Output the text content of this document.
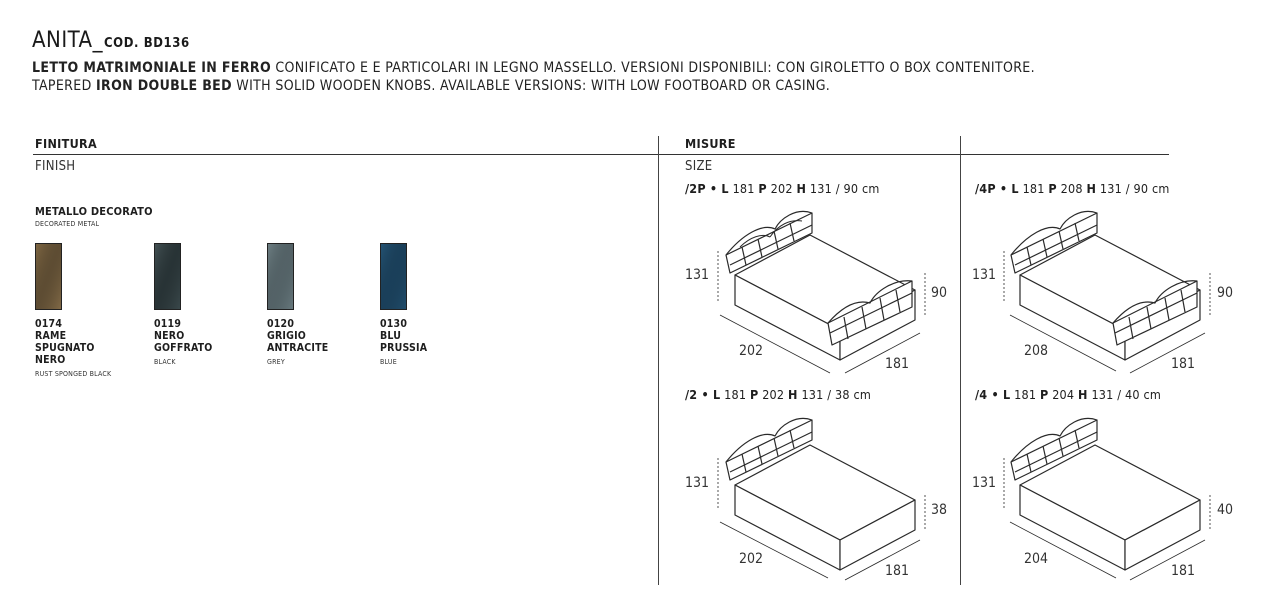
ANITA_COD. BD136
LETTO MATRIMONIALE IN FERRO CONIFICATO E E PARTICOLARI IN LEGNO MASSELLO. VERSIONI DISPONIBILI: CON GIROLETTO O BOX CONTENITORE.
TAPERED IRON DOUBLE BED WITH SOLID WOODEN KNOBS. AVAILABLE VERSIONS: WITH LOW FOOTBOARD OR CASING.
FINITURA
FINISH
MISURE
SIZE
METALLO DECORATO
DECORATED METAL
0174
RAME
SPUGNATO
NERO
RUST SPONGED BLACK
0119
NERO
GOFFRATO
BLACK
0120
GRIGIO
ANTRACITE
GREY
0130
BLU
PRUSSIA
BLUE
/2P • L 181 P 202 H 131 / 90 cm	/4P • L 181 P 208 H 131 / 90 cm
/2 • L 181 P 202 H 131 / 38 cm	/4 • L 181 P 204 H 131 / 40 cm
131
90
202
181
131
90
208
181
131
38
202
181
131
40
204
181
